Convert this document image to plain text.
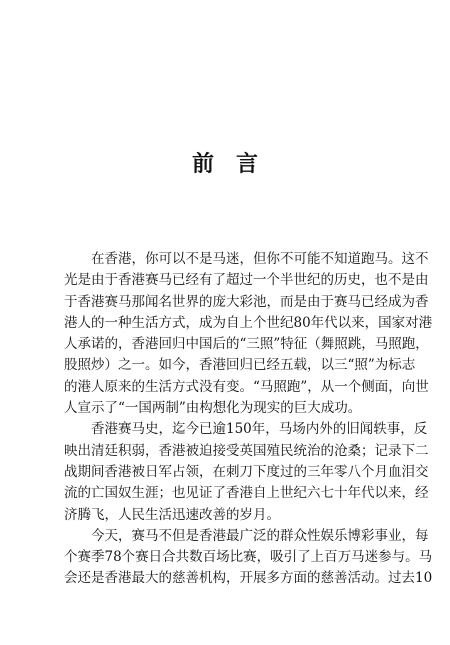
前 言
在香港，你可以不是马迷，但你不可能不知道跑马。这不
光是由于香港赛马已经有了超过一个半世纪的历史，也不是由
于香港赛马那闻名世界的庞大彩池，而是由于赛马已经成为香
港人的一种生活方式，成为自上个世纪80年代以来，国家对港
人承诺的，香港回归中国后的“三照”特征（舞照跳，马照跑，
股照炒）之一。如今，香港回归已经五载，以三“照”为标志
的港人原来的生活方式没有变。“马照跑”，从一个侧面，向世
人宣示了“一国两制”由构想化为现实的巨大成功。
香港赛马史，迄今已逾150年，马场内外的旧闻轶事，反
映出清廷积弱，香港被迫接受英国殖民统治的沧桑；记录下二
战期间香港被日军占领，在刺刀下度过的三年零八个月血泪交
流的亡国奴生涯；也见证了香港自上世纪六七十年代以来，经
济腾飞，人民生活迅速改善的岁月。
今天，赛马不但是香港最广泛的群众性娱乐博彩事业，每
个赛季78个赛日合共数百场比赛，吸引了上百万马迷参与。马
会还是香港最大的慈善机构，开展多方面的慈善活动。过去10
